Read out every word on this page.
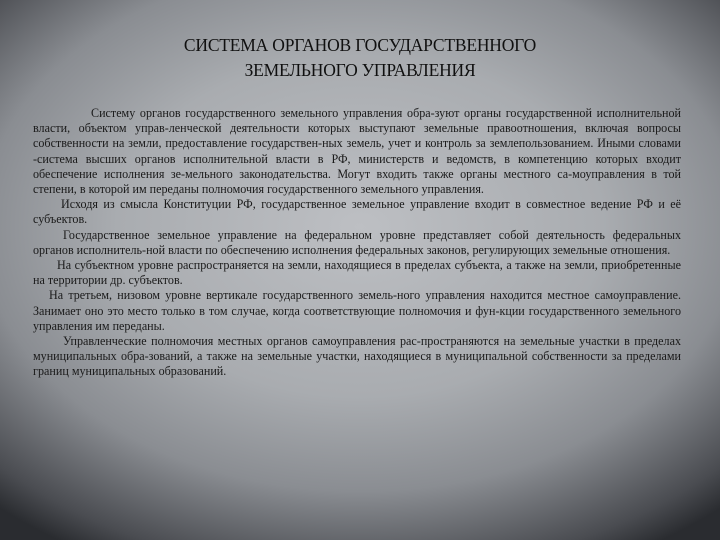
СИСТЕМА ОРГАНОВ ГОСУДАРСТВЕННОГО
ЗЕМЕЛЬНОГО УПРАВЛЕНИЯ

Систему органов государственного земельного управления обра-зуют органы государственной исполнительной власти, объектом управ-ленческой деятельности которых выступают земельные правоотношения, включая вопросы собственности на земли, предоставление государствен-ных земель, учет и контроль за землепользованием. Иными словами -система высших органов исполнительной власти в РФ, министерств и ведомств, в компетенцию которых входит обеспечение исполнения зе-мельного законодательства. Могут входить также органы местного са-моуправления в той степени, в которой им переданы полномочия государственного земельного управления.

Исходя из смысла Конституции РФ, государственное земельное управление входит в совместное ведение РФ и её субъектов.

Государственное земельное управление на федеральном уровне представляет собой деятельность федеральных органов исполнитель-ной власти по обеспечению исполнения федеральных законов, регулирующих земельные отношения.

На субъектном уровне распространяется на земли, находящиеся в пределах субъекта, а также на земли, приобретенные на территории др. субъектов.

На третьем, низовом уровне вертикале государственного земель-ного управления находится местное самоуправление. Занимает оно это место только в том случае, когда соответствующие полномочия и фун-кции государственного земельного управления им переданы.

Управленческие полномочия местных органов самоуправления рас-пространяются на земельные участки в пределах муниципальных обра-зований, а также на земельные участки, находящиеся в муниципальной собственности за пределами границ муниципальных образований.
